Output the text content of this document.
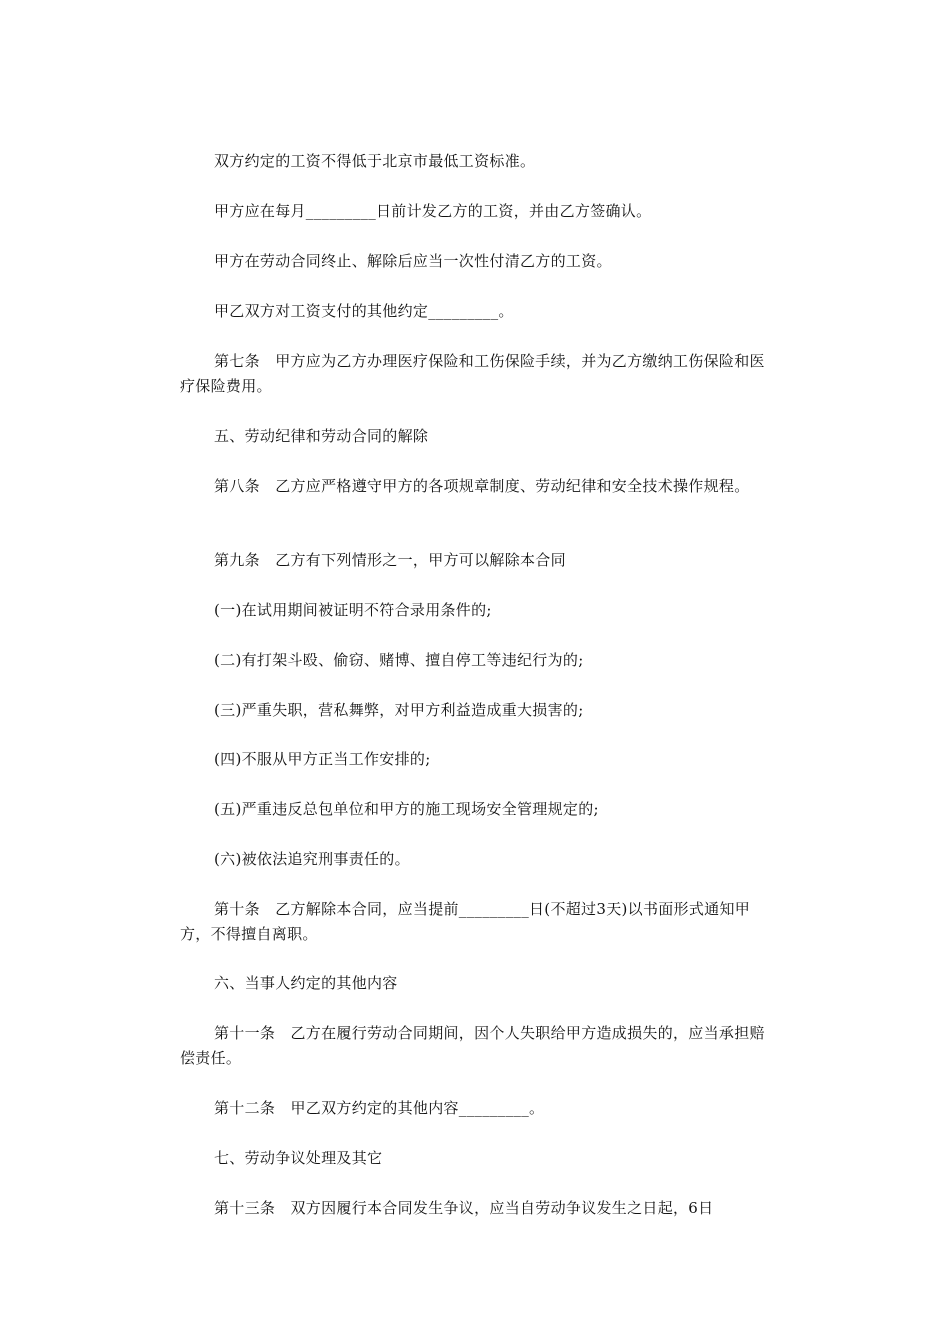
双方约定的工资不得低于北京市最低工资标准。

甲方应在每月_________日前计发乙方的工资，并由乙方签确认。

甲方在劳动合同终止、解除后应当一次性付清乙方的工资。

甲乙双方对工资支付的其他约定_________。

第七条　甲方应为乙方办理医疗保险和工伤保险手续，并为乙方缴纳工伤保险和医疗保险费用。

五、劳动纪律和劳动合同的解除

第八条　乙方应严格遵守甲方的各项规章制度、劳动纪律和安全技术操作规程。

第九条　乙方有下列情形之一，甲方可以解除本合同

(一)在试用期间被证明不符合录用条件的;

(二)有打架斗殴、偷窃、赌博、擅自停工等违纪行为的;

(三)严重失职，营私舞弊，对甲方利益造成重大损害的;

(四)不服从甲方正当工作安排的;

(五)严重违反总包单位和甲方的施工现场安全管理规定的;

(六)被依法追究刑事责任的。

第十条　乙方解除本合同，应当提前_________日(不超过3天)以书面形式通知甲方，不得擅自离职。

六、当事人约定的其他内容

第十一条　乙方在履行劳动合同期间，因个人失职给甲方造成损失的，应当承担赔偿责任。

第十二条　甲乙双方约定的其他内容_________。

七、劳动争议处理及其它

第十三条　双方因履行本合同发生争议，应当自劳动争议发生之日起，6日
